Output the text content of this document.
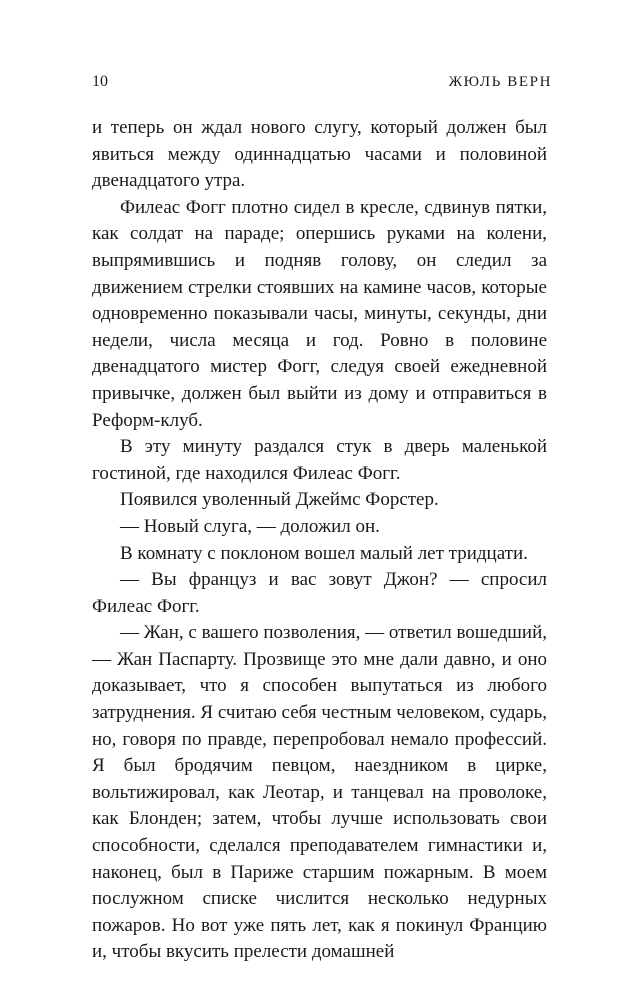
10	ЖЮЛЬ ВЕРН

и теперь он ждал нового слугу, который должен был явиться между одиннадцатью часами и половиной двенадцатого утра.

Филеас Фогг плотно сидел в кресле, сдвинув пятки, как солдат на параде; опершись руками на колени, выпрямившись и подняв голову, он следил за движением стрелки стоявших на камине часов, которые одновременно показывали часы, минуты, секунды, дни недели, числа месяца и год. Ровно в половине двенадцатого мистер Фогг, следуя своей ежедневной привычке, должен был выйти из дому и отправиться в Реформ-клуб.

В эту минуту раздался стук в дверь маленькой гостиной, где находился Филеас Фогг.

Появился уволенный Джеймс Форстер.

— Новый слуга, — доложил он.

В комнату с поклоном вошел малый лет тридцати.

— Вы француз и вас зовут Джон? — спросил Филеас Фогг.

— Жан, с вашего позволения, — ответил вошедший, — Жан Паспарту. Прозвище это мне дали давно, и оно доказывает, что я способен выпутаться из любого затруднения. Я считаю себя честным человеком, сударь, но, говоря по правде, перепробовал немало профессий. Я был бродячим певцом, наездником в цирке, вольтижировал, как Леотар, и танцевал на проволоке, как Блонден; затем, чтобы лучше использовать свои способности, сделался преподавателем гимнастики и, наконец, был в Париже старшим пожарным. В моем послужном списке числится несколько недурных пожаров. Но вот уже пять лет, как я покинул Францию и, чтобы вкусить прелести домашней
